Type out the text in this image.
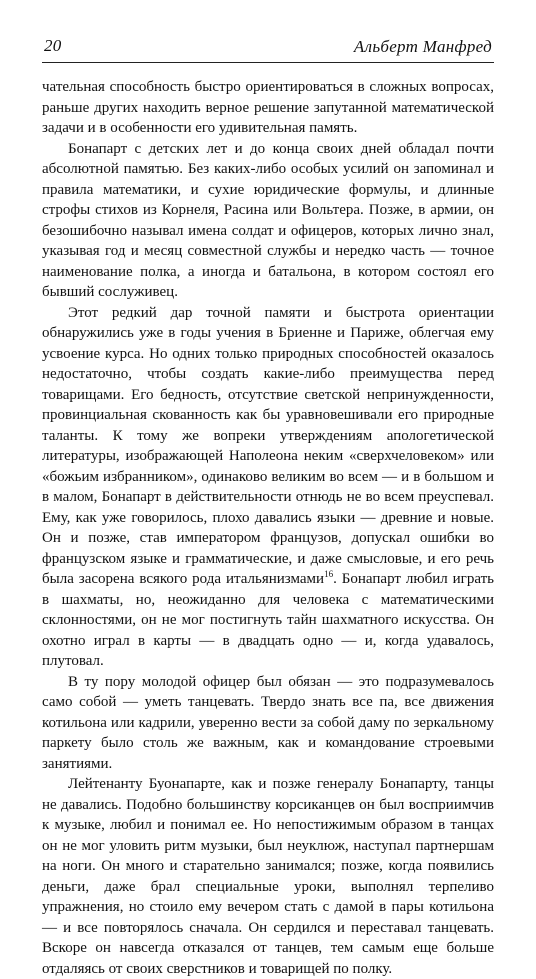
20	Альберт Манфред

чательная способность быстро ориентироваться в сложных вопросах, раньше других находить верное решение запутанной математической задачи и в особенности его удивительная память.

Бонапарт с детских лет и до конца своих дней обладал почти абсолютной памятью. Без каких-либо особых усилий он запоминал и правила математики, и сухие юридические формулы, и длинные строфы стихов из Корнеля, Расина или Вольтера. Позже, в армии, он безошибочно называл имена солдат и офицеров, которых лично знал, указывая год и месяц совместной службы и нередко часть — точное наименование полка, а иногда и батальона, в котором состоял его бывший сослуживец.

Этот редкий дар точной памяти и быстрота ориентации обнаружились уже в годы учения в Бриенне и Париже, облегчая ему усвоение курса. Но одних только природных способностей оказалось недостаточно, чтобы создать какие-либо преимущества перед товарищами. Его бедность, отсутствие светской непринужденности, провинциальная скованность как бы уравновешивали его природные таланты. К тому же вопреки утверждениям апологетической литературы, изображающей Наполеона неким «сверхчеловеком» или «божьим избранником», одинаково великим во всем — и в большом и в малом, Бонапарт в действительности отнюдь не во всем преуспевал. Ему, как уже говорилось, плохо давались языки — древние и новые. Он и позже, став императором французов, допускал ошибки во французском языке и грамматические, и даже смысловые, и его речь была засорена всякого рода итальянизмами$^{16}$. Бонапарт любил играть в шахматы, но, неожиданно для человека с математическими склонностями, он не мог постигнуть тайн шахматного искусства. Он охотно играл в карты — в двадцать одно — и, когда удавалось, плутовал.

В ту пору молодой офицер был обязан — это подразумевалось само собой — уметь танцевать. Твердо знать все па, все движения котильона или кадрили, уверенно вести за собой даму по зеркальному паркету было столь же важным, как и командование строевыми занятиями.

Лейтенанту Буонапарте, как и позже генералу Бонапарту, танцы не давались. Подобно большинству корсиканцев он был восприимчив к музыке, любил и понимал ее. Но непостижимым образом в танцах он не мог уловить ритм музыки, был неуклюж, наступал партнершам на ноги. Он много и старательно занимался; позже, когда появились деньги, даже брал специальные уроки, выполнял терпеливо упражнения, но стоило ему вечером стать с дамой в пары котильона — и все повторялось сначала. Он сердился и переставал танцевать. Вскоре он навсегда отказался от танцев, тем самым еще больше отдаляясь от своих сверстников и товарищей по полку.
